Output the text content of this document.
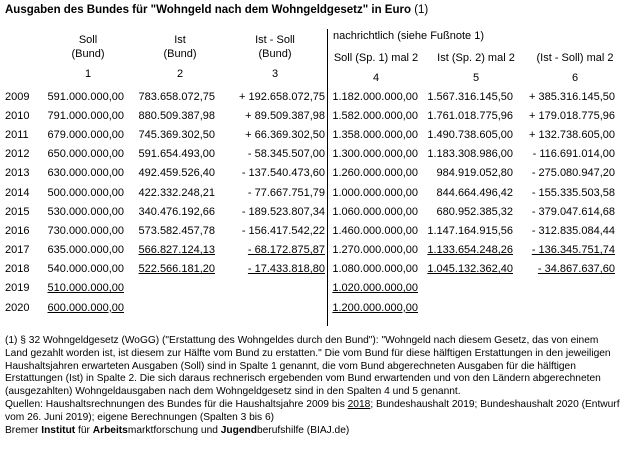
Ausgaben des Bundes für "Wohngeld nach dem Wohngeldgesetz" in Euro (1)
Soll
(Bund)
1
Ist
(Bund)
2
Ist - Soll
(Bund)
3
nachrichtlich (siehe Fußnote 1)
Soll (Sp. 1) mal 2
4
Ist (Sp. 2) mal 2
5
(Ist - Soll) mal 2
6
2009	591.000.000,00	783.658.072,75	+ 192.658.072,75		1.182.000.000,00	1.567.316.145,50	+ 385.316.145,50
2010	791.000.000,00	880.509.387,98	+ 89.509.387,98		1.582.000.000,00	1.761.018.775,96	+ 179.018.775,96
2011	679.000.000,00	745.369.302,50	+ 66.369.302,50		1.358.000.000,00	1.490.738.605,00	+ 132.738.605,00
2012	650.000.000,00	591.654.493,00	- 58.345.507,00		1.300.000.000,00	1.183.308.986,00	- 116.691.014,00
2013	630.000.000,00	492.459.526,40	- 137.540.473,60		1.260.000.000,00	984.919.052,80	- 275.080.947,20
2014	500.000.000,00	422.332.248,21	- 77.667.751,79		1.000.000.000,00	844.664.496,42	- 155.335.503,58
2015	530.000.000,00	340.476.192,66	- 189.523.807,34		1.060.000.000,00	680.952.385,32	- 379.047.614,68
2016	730.000.000,00	573.582.457,78	- 156.417.542,22		1.460.000.000,00	1.147.164.915,56	- 312.835.084,44
2017	635.000.000,00	566.827.124,13	- 68.172.875,87		1.270.000.000,00	1.133.654.248,26	- 136.345.751,74
2018	540.000.000,00	522.566.181,20	- 17.433.818,80		1.080.000.000,00	1.045.132.362,40	- 34.867.637,60
2019	510.000.000,00				1.020.000.000,00		
2020	600.000.000,00				1.200.000.000,00		

(1) § 32 Wohngeldgesetz (WoGG) ("Erstattung des Wohngeldes durch den Bund"): "Wohngeld nach diesem Gesetz, das von einem Land gezahlt worden ist, ist diesem zur Hälfte vom Bund zu erstatten." Die vom Bund für diese hälftigen Erstattungen in den jeweiligen Haushaltsjahren erwarteten Ausgaben (Soll) sind in Spalte 1 genannt, die vom Bund abgerechneten Ausgaben für die hälftigen Erstattungen (Ist) in Spalte 2. Die sich daraus rechnerisch ergebenden vom Bund erwartenden und von den Ländern abgerechneten (ausgezahlten) Wohngeldausgaben nach dem Wohngeldgesetz sind in den Spalten 4 und 5 genannt.

Quellen: Haushaltsrechnungen des Bundes für die Haushaltsjahre 2009 bis 2018; Bundeshaushalt 2019; Bundeshaushalt 2020 (Entwurf vom 26. Juni 2019); eigene Berechnungen (Spalten 3 bis 6)

Bremer Institut für Arbeitsmarktforschung und Jugendberufshilfe (BIAJ.de)
